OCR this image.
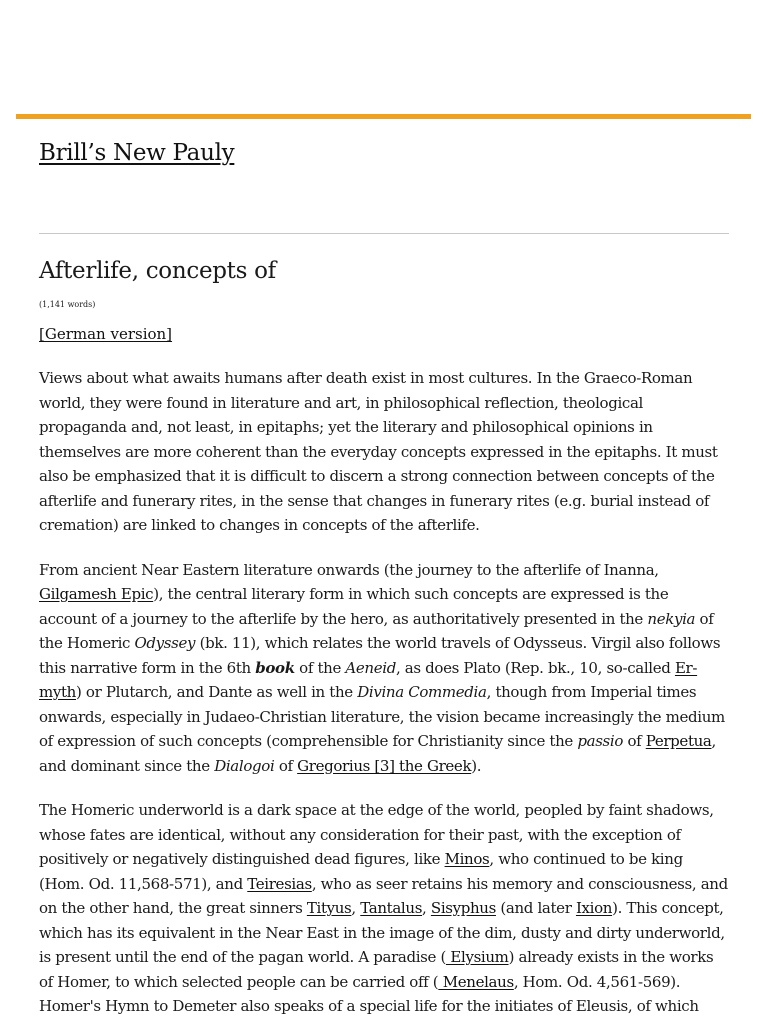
Brill’s New Pauly
Afterlife, concepts of
(1,141 words)
[German version]

Views about what awaits humans after death exist in most cultures. In the Graeco-Roman world, they were found in literature and art, in philosophical reflection, theological propaganda and, not least, in epitaphs; yet the literary and philosophical opinions in themselves are more coherent than the everyday concepts expressed in the epitaphs. It must also be emphasized that it is difficult to discern a strong connection between concepts of the afterlife and funerary rites, in the sense that changes in funerary rites (e.g. burial instead of cremation) are linked to changes in concepts of the afterlife.

From ancient Near Eastern literature onwards (the journey to the afterlife of Inanna, Gilgamesh Epic), the central literary form in which such concepts are expressed is the account of a journey to the afterlife by the hero, as authoritatively presented in the nekyia of the Homeric Odyssey (bk. 11), which relates the world travels of Odysseus. Virgil also follows this narrative form in the 6th book of the Aeneid, as does Plato (Rep. bk., 10, so-called Er-myth) or Plutarch, and Dante as well in the Divina Commedia, though from Imperial times onwards, especially in Judaeo-Christian literature, the vision became increasingly the medium of expression of such concepts (comprehensible for Christianity since the passio of Perpetua, and dominant since the Dialogoi of Gregorius [3] the Greek).

The Homeric underworld is a dark space at the edge of the world, peopled by faint shadows, whose fates are identical, without any consideration for their past, with the exception of positively or negatively distinguished dead figures, like Minos, who continued to be king (Hom. Od. 11,568-571), and Teiresias, who as seer retains his memory and consciousness, and on the other hand, the great sinners Tityus, Tantalus, Sisyphus (and later Ixion). This concept, which has its equivalent in the Near East in the image of the dim, dusty and dirty underworld, is present until the end of the pagan world. A paradise ( Elysium) already exists in the works of Homer, to which selected people can be carried off ( Menelaus, Hom. Od. 4,561-569). Homer's Hymn to Demeter also speaks of a special life for the initiates of Eleusis, of which
